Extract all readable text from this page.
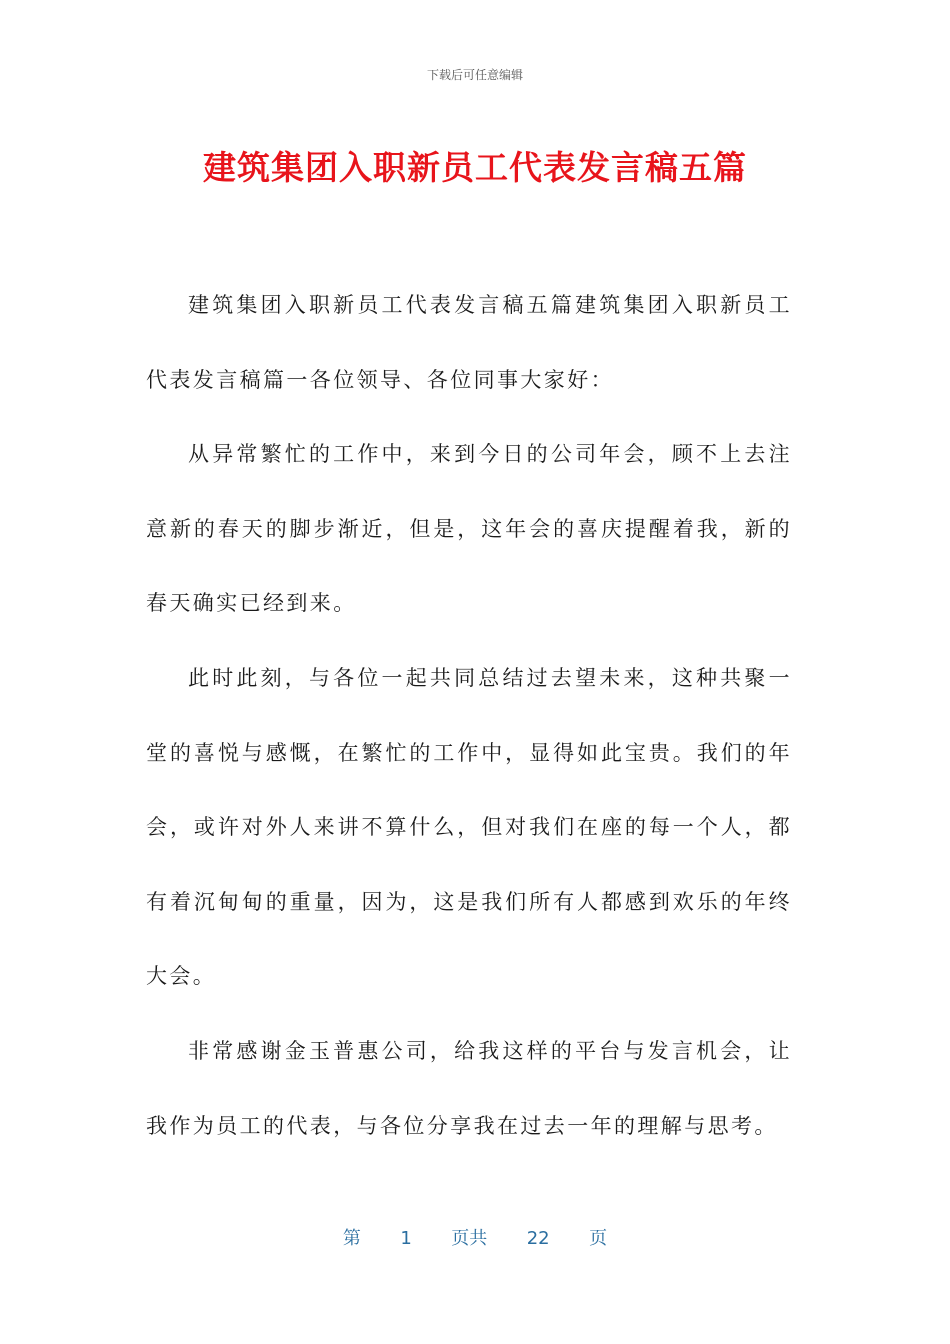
下载后可任意编辑
建筑集团入职新员工代表发言稿五篇

建筑集团入职新员工代表发言稿五篇建筑集团入职新员工代表发言稿篇一各位领导、各位同事大家好：

从异常繁忙的工作中，来到今日的公司年会，顾不上去注意新的春天的脚步渐近，但是，这年会的喜庆提醒着我，新的春天确实已经到来。

此时此刻，与各位一起共同总结过去望未来，这种共聚一堂的喜悦与感慨，在繁忙的工作中，显得如此宝贵。我们的年会，或许对外人来讲不算什么，但对我们在座的每一个人，都有着沉甸甸的重量，因为，这是我们所有人都感到欢乐的年终大会。

非常感谢金玉普惠公司，给我这样的平台与发言机会，让我作为员工的代表，与各位分享我在过去一年的理解与思考。

第 1 页共 22 页
